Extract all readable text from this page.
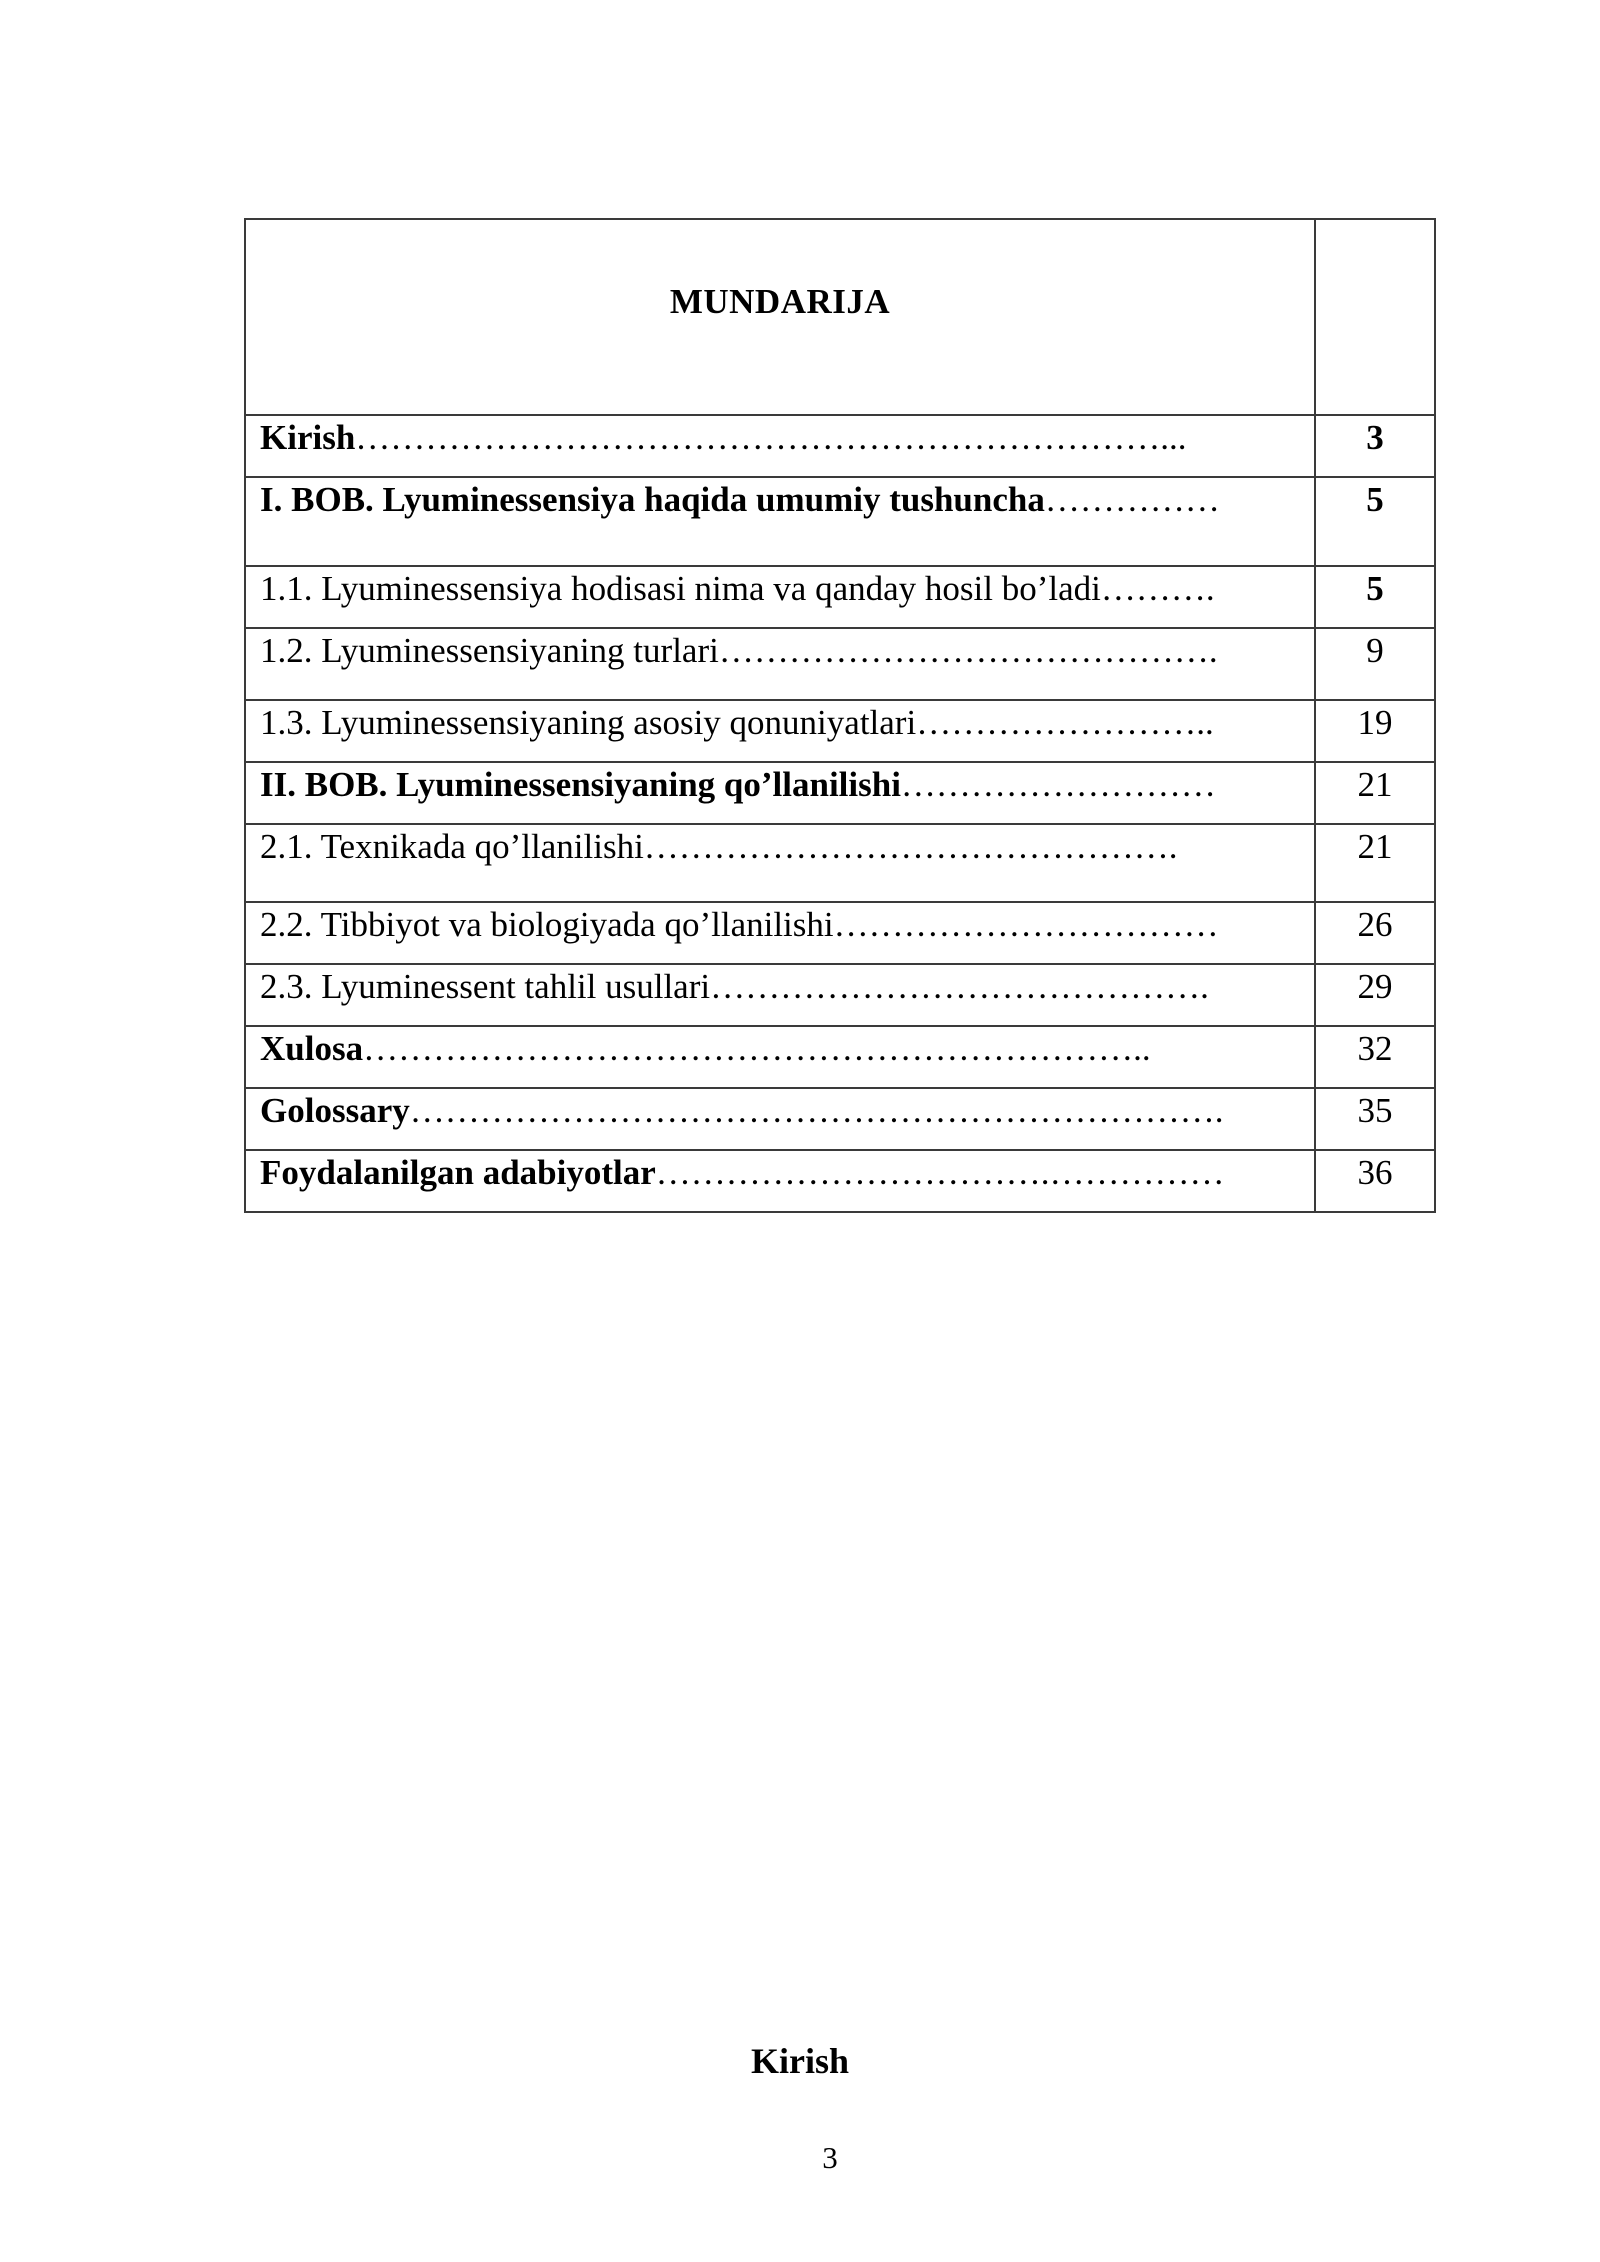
MUNDARIJA	

Kirish……………………………………………………………...	3
I. BOB. Lyuminessensiya haqida umumiy tushuncha……………	5
1.1. Lyuminessensiya hodisasi nima va qanday hosil bo’ladi……….	5
1.2. Lyuminessensiyaning turlari…………………………………….	9
1.3. Lyuminessensiyaning asosiy qonuniyatlari……………………..	19
II. BOB. Lyuminessensiyaning qo’llanilishi………………………	21
2.1. Texnikada qo’llanilishi……………………………………….	21
2.2. Tibbiyot va biologiyada qo’llanilishi……………………………	26
2.3. Lyuminessent tahlil usullari…………………………………….	29
Xulosa…………………………………………………………..	32
Golossary…………………………………………………………….	35
Foydalanilgan adabiyotlar…………………………….……………	36
Kirish
3
